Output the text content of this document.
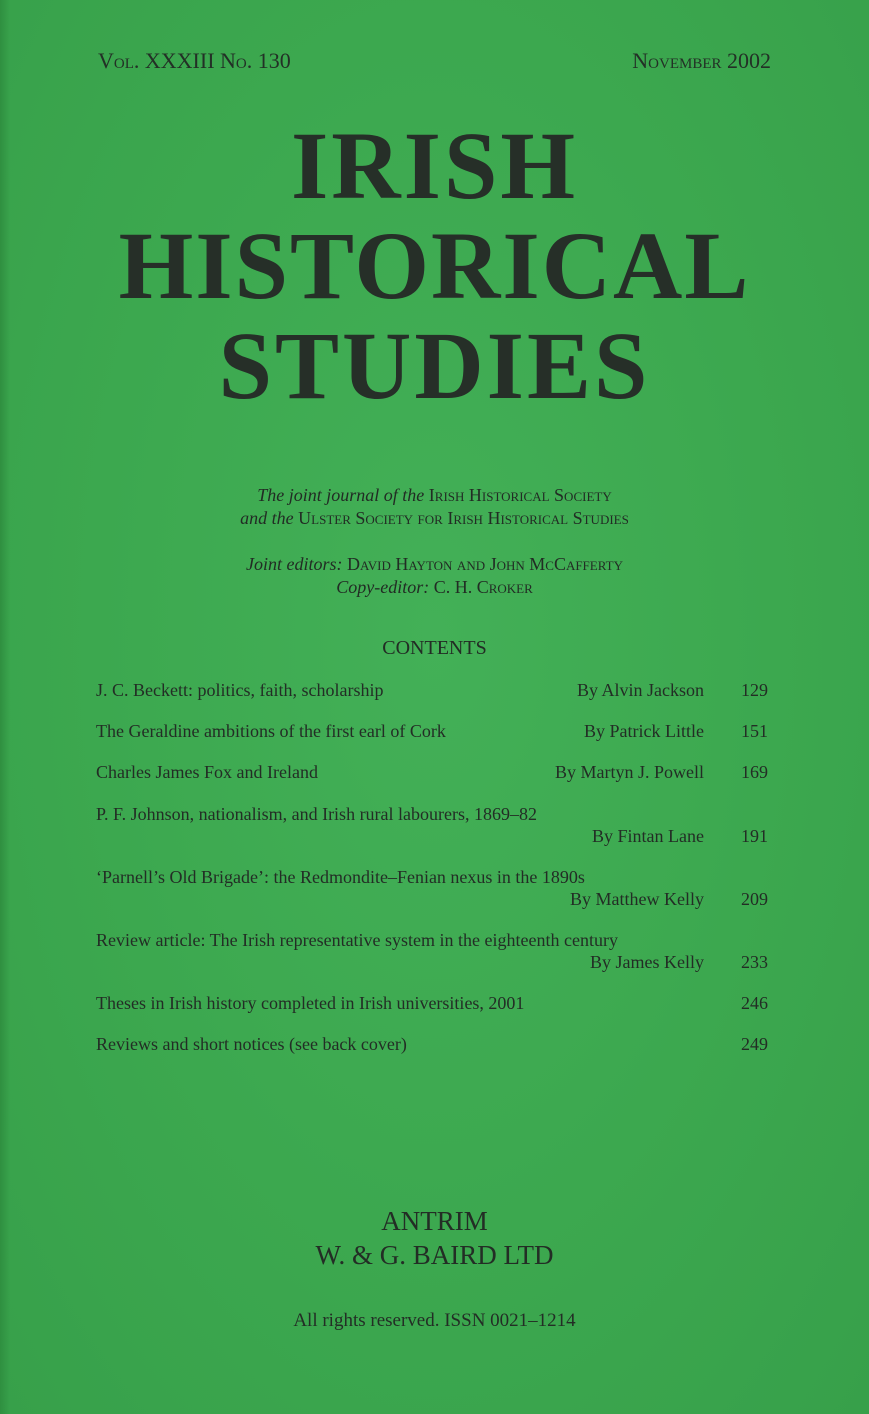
Vol. XXXIII No. 130	November 2002
IRISH
HISTORICAL
STUDIES
The joint journal of the Irish Historical Society
and the Ulster Society for Irish Historical Studies
Joint editors: David Hayton and John McCafferty
Copy-editor: C. H. Croker
CONTENTS
J. C. Beckett: politics, faith, scholarship	By Alvin Jackson 129
The Geraldine ambitions of the first earl of Cork	By Patrick Little 151
Charles James Fox and Ireland	By Martyn J. Powell 169
P. F. Johnson, nationalism, and Irish rural labourers, 1869–82
By Fintan Lane 191
‘Parnell’s Old Brigade’: the Redmondite–Fenian nexus in the 1890s
By Matthew Kelly 209
Review article: The Irish representative system in the eighteenth century
By James Kelly 233
Theses in Irish history completed in Irish universities, 2001	246
Reviews and short notices (see back cover)	249
ANTRIM
W. & G. BAIRD LTD
All rights reserved. ISSN 0021–1214
